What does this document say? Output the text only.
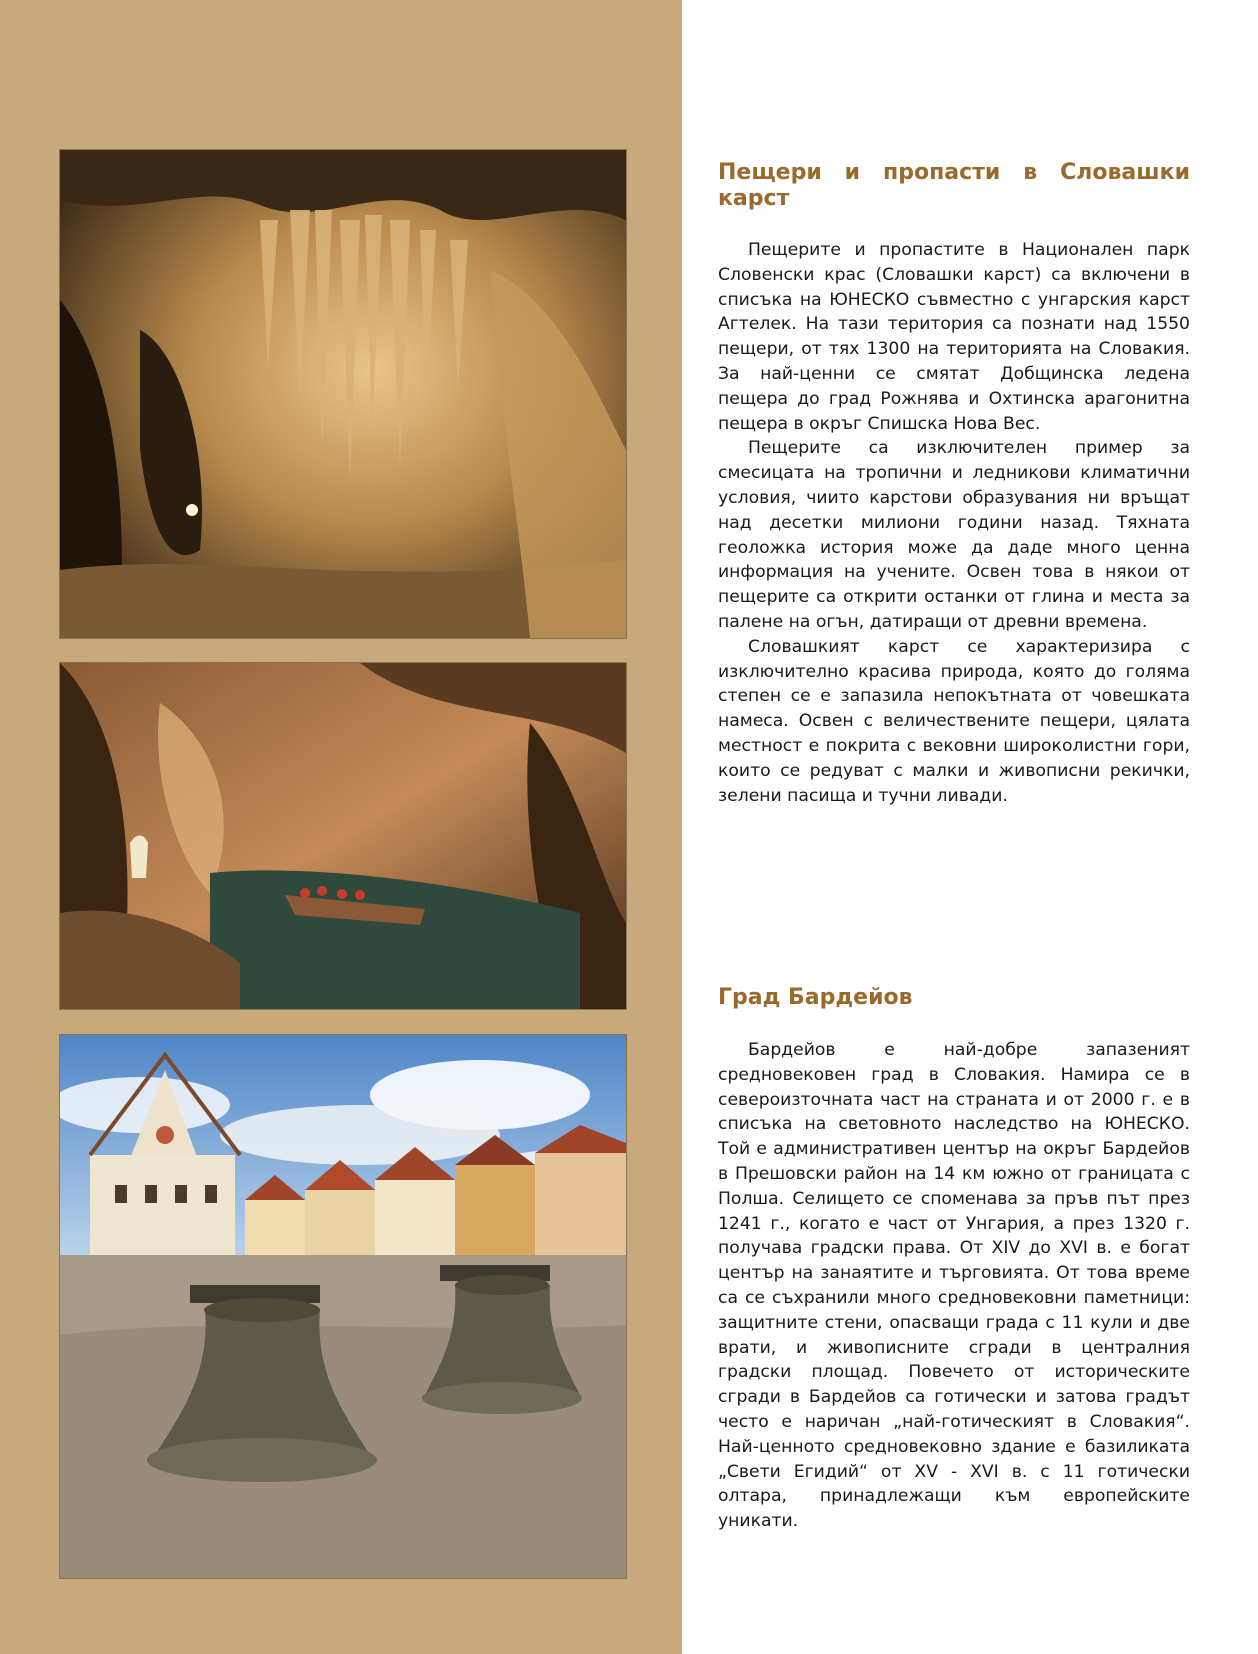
Пещери и пропасти в Словашки карст

Пещерите и пропастите в Национален парк Словенски крас (Словашки карст) са включени в списъка на ЮНЕСКО съвместно с унгарския карст Агтелек. На тази територия са познати над 1550 пещери, от тях 1300 на територията на Словакия. За най-ценни се смятат Добщинска ледена пещера до град Рожнява и Охтинска арагонитна пещера в окръг Спишска Нова Вес.

Пещерите са изключителен пример за смесицата на тропични и ледникови климатични условия, чиито карстови образувания ни връщат над десетки милиони години назад. Тяхната геоложка история може да даде много ценна информация на учените. Освен това в някои от пещерите са открити останки от глина и места за палене на огън, датиращи от древни времена.

Словашкият карст се характеризира с изключително красива природа, която до голяма степен се е запазила непокътната от човешката намеса. Освен с величествените пещери, цялата местност е покрита с вековни широколистни гори, които се редуват с малки и живописни рекички, зелени пасища и тучни ливади.

Град Бардейов

Бардейов е най-добре запазеният средновековен град в Словакия. Намира се в североизточната част на страната и от 2000 г. е в списъка на световното наследство на ЮНЕСКО. Той е административен център на окръг Бардейов в Прешовски район на 14 км южно от границата с Полша. Селището се споменава за пръв път през 1241 г., когато е част от Унгария, а през 1320 г. получава градски права. От XIV до XVI в. е богат център на занаятите и търговията. От това време са се съхранили много средновековни паметници: защитните стени, опасващи града с 11 кули и две врати, и живописните сгради в централния градски площад. Повечето от историческите сгради в Бардейов са готически и затова градът често е наричан „най-готическият в Словакия“. Най-ценното средновековно здание е базиликата „Свети Егидий“ от XV - XVI в. с 11 готически олтара, принадлежащи към европейските уникати.
